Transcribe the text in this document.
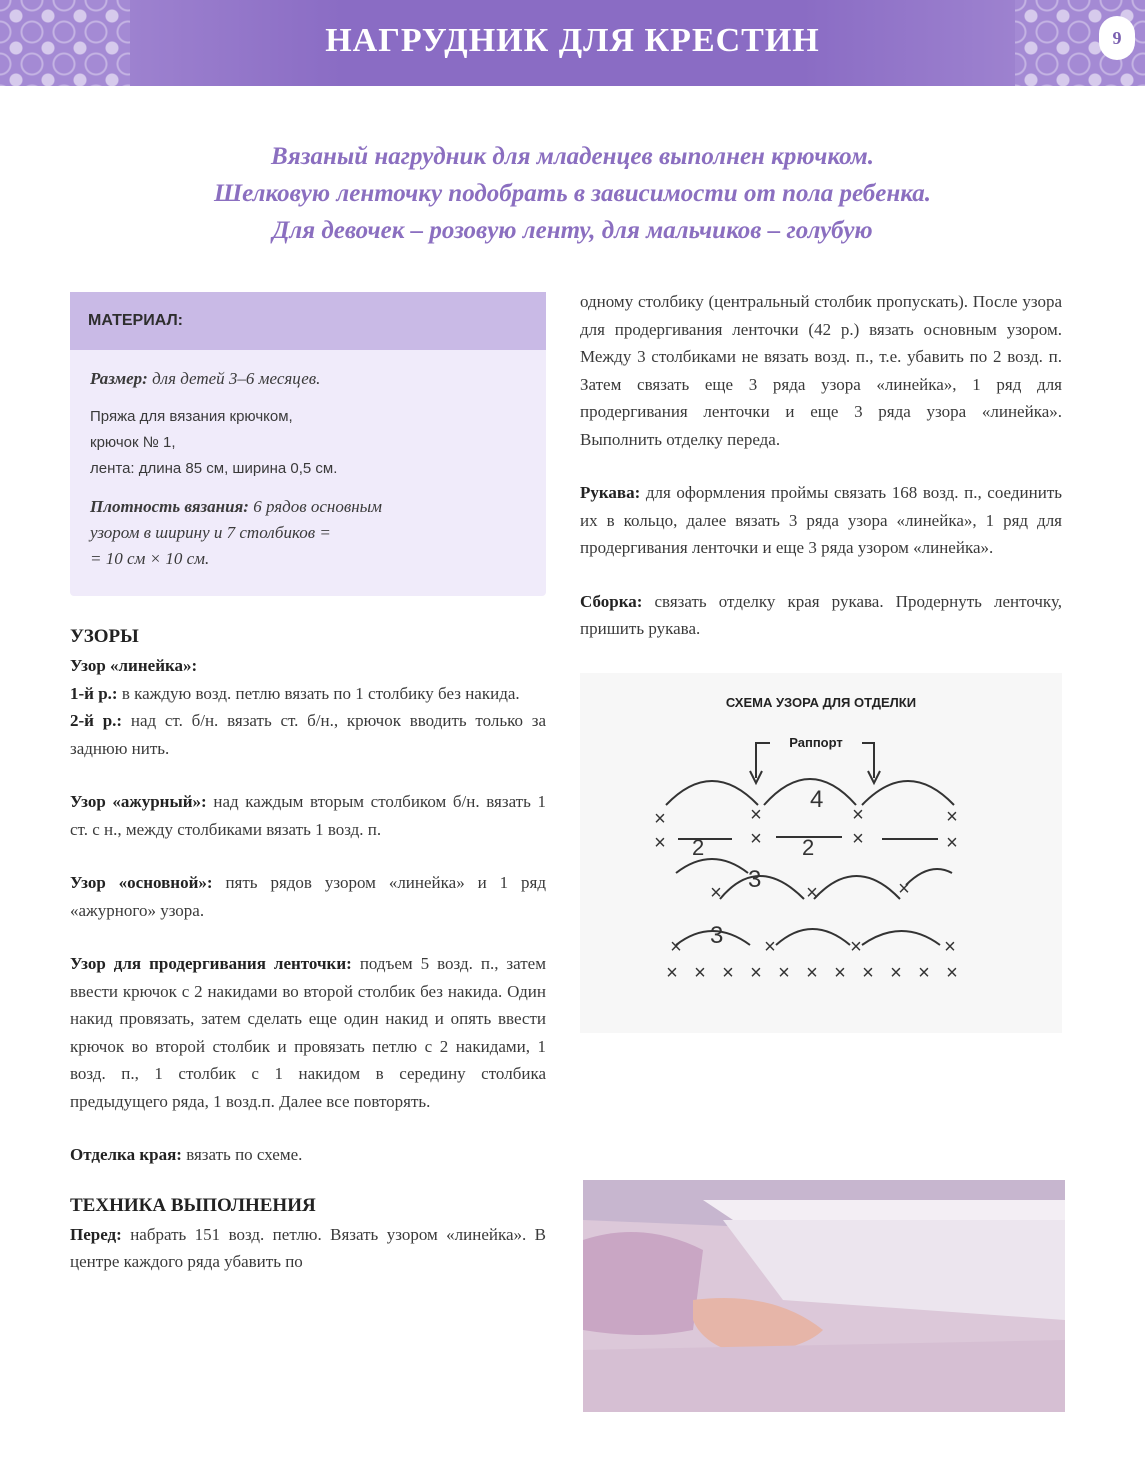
НАГРУДНИК ДЛЯ КРЕСТИН	9
Вязаный нагрудник для младенцев выполнен крючком.
Шелковую ленточку подобрать в зависимости от пола ребенка.
Для девочек – розовую ленту, для мальчиков – голубую
МАТЕРИАЛ:

Размер: для детей 3–6 месяцев.

Пряжа для вязания крючком,
крючок № 1,
лента: длина 85 см, ширина 0,5 см.

Плотность вязания: 6 рядов основным
узором в ширину и 7 столбиков =
= 10 см × 10 см.

УЗОРЫ
Узор «линейка»:
1-й р.: в каждую возд. петлю вязать по 1 столбику без накида.
2-й р.: над ст. б/н. вязать ст. б/н., крючок вводить только за заднюю нить.
Узор «ажурный»: над каждым вторым столбиком б/н. вязать 1 ст. с н., между столбиками вязать 1 возд. п.
Узор «основной»: пять рядов узором «линейка» и 1 ряд «ажурного» узора.
Узор для продергивания ленточки: подъем 5 возд. п., затем ввести крючок с 2 накидами во второй столбик без накида. Один накид провязать, затем сделать еще один накид и опять ввести крючок во второй столбик и провязать петлю с 2 накидами, 1 возд. п., 1 столбик с 1 накидом в середину столбика предыдущего ряда, 1 возд.п. Далее все повторять.
Отделка края: вязать по схеме.
ТЕХНИКА ВЫПОЛНЕНИЯ
Перед: набрать 151 возд. петлю. Вязать узором «линейка». В центре каждого ряда убавить по
одному столбику (центральный столбик пропускать). После узора для продергивания ленточки (42 р.) вязать основным узором. Между 3 столбиками не вязать возд. п., т.е. убавить по 2 возд. п. Затем связать еще 3 ряда узора «линейка», 1 ряд для продергивания ленточки и еще 3 ряда узора «линейка». Выполнить отделку переда.
Рукава: для оформления проймы связать 168 возд. п., соединить их в кольцо, далее вязать 3 ряда узора «линейка», 1 ряд для продергивания ленточки и еще 3 ряда узором «линейка».
Сборка: связать отделку края рукава. Продернуть ленточку, пришить рукава.
СХЕМА УЗОРА ДЛЯ ОТДЕЛКИ
Раппорт
4
2	2
3
3
×	×	×	×
×	×	×	×
×	×	×
×	×	×	×
× × × × × × × × × × ×
